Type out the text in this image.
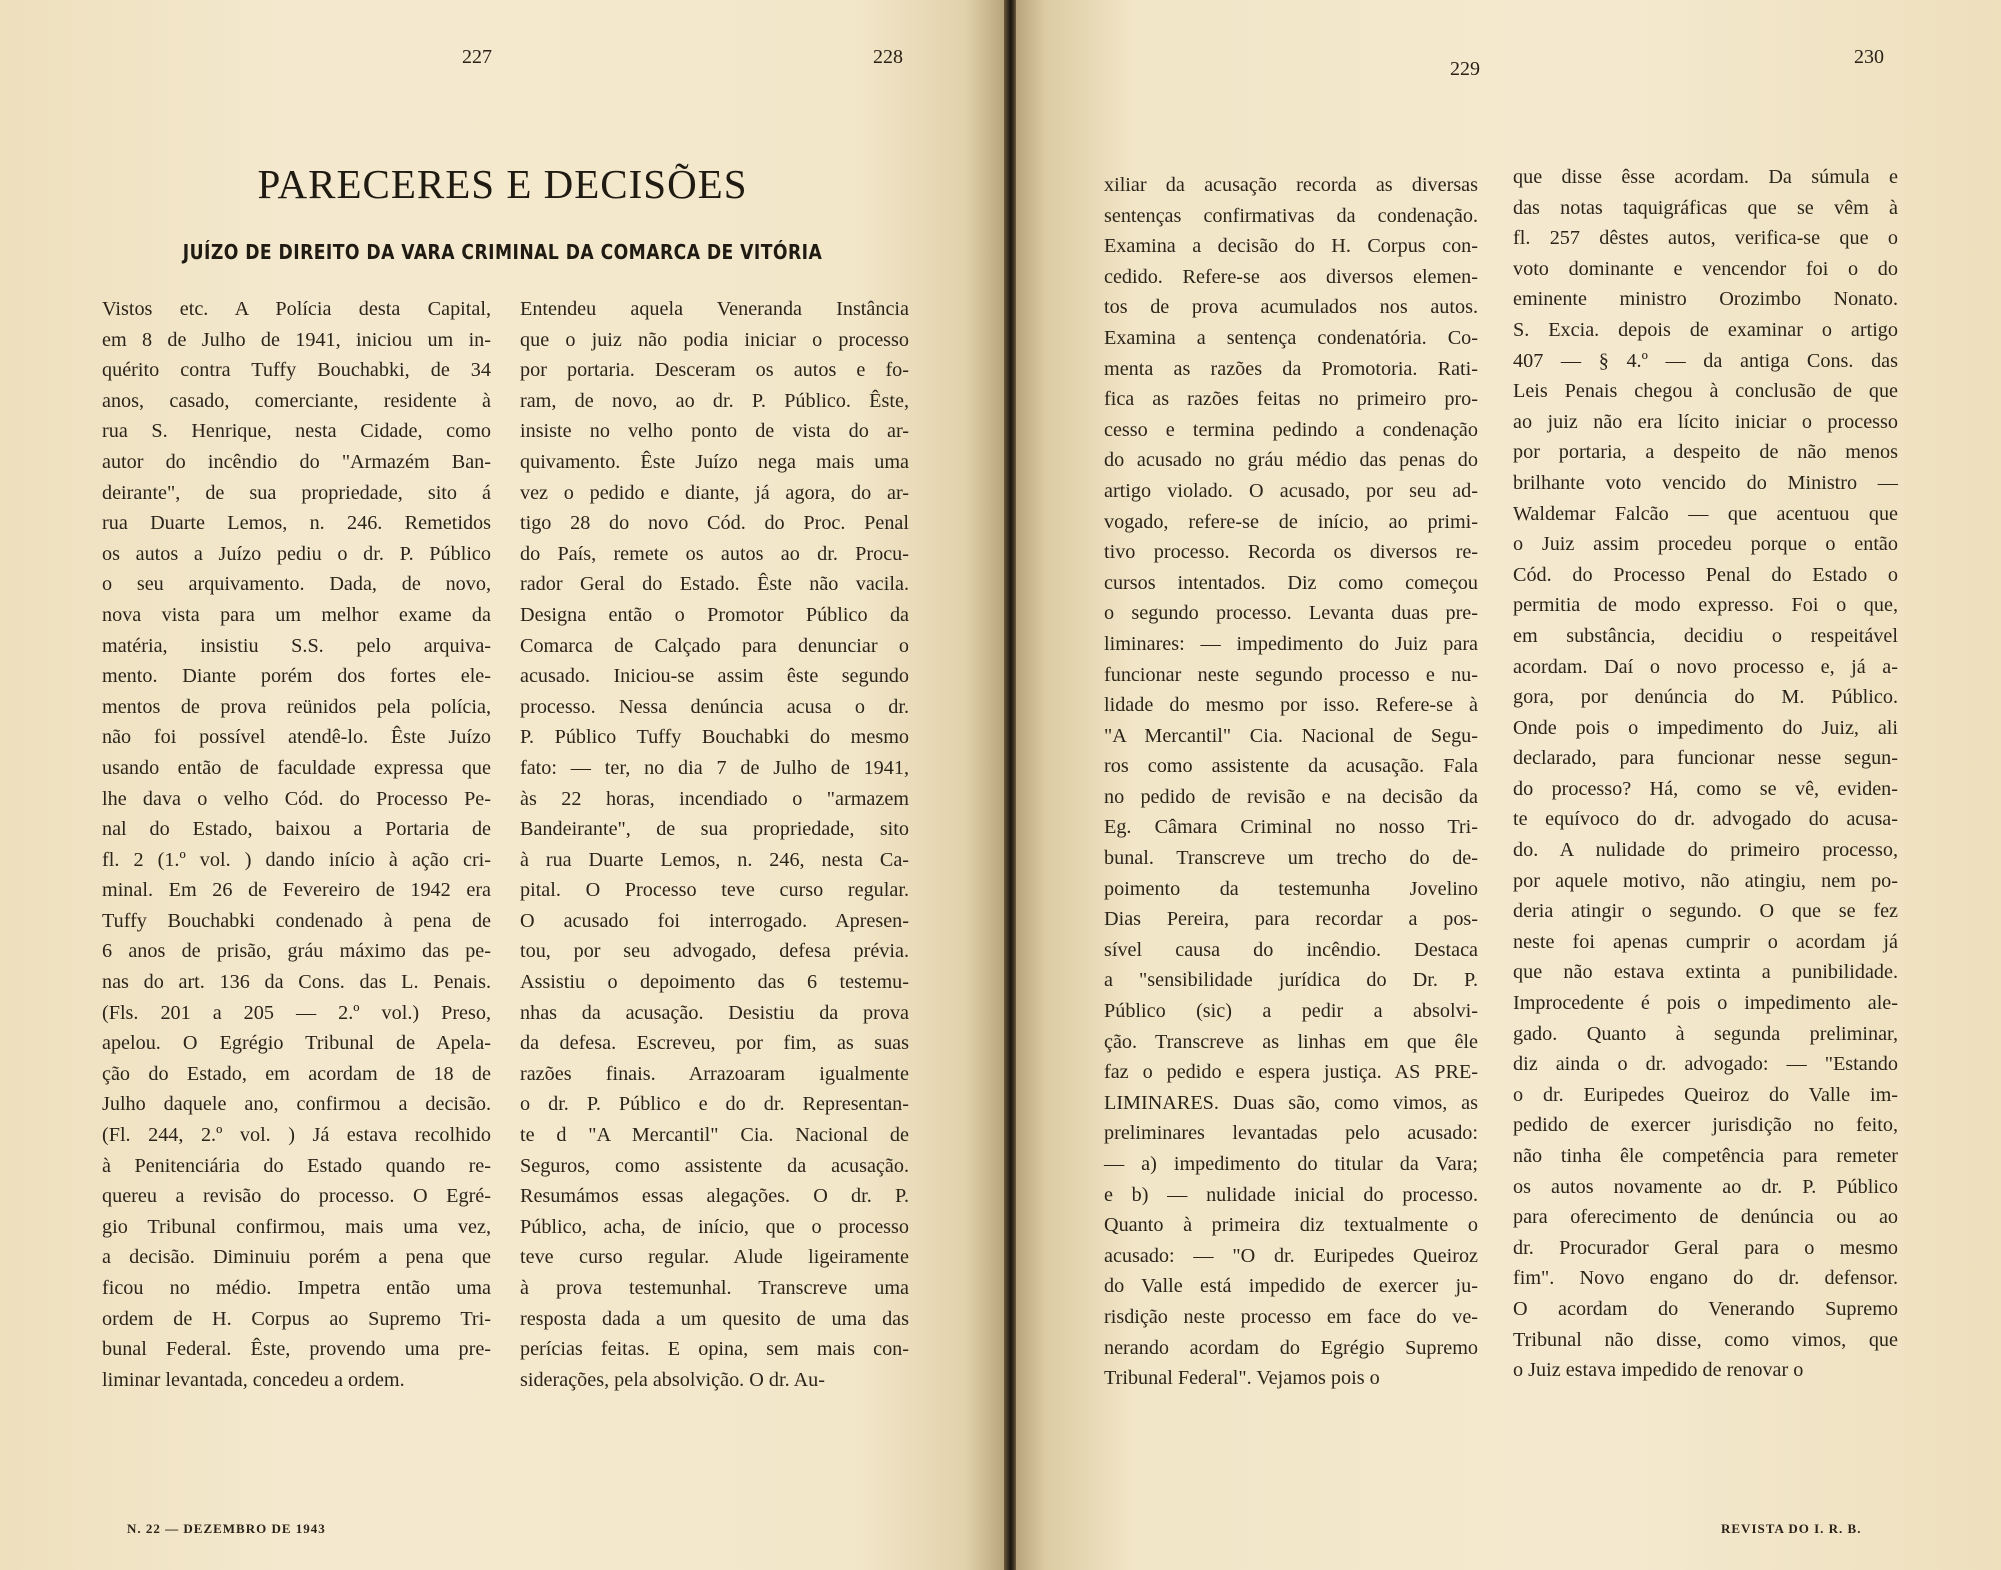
227	228
PARECERES E DECISÕES
JUÍZO DE DIREITO DA VARA CRIMINAL DA COMARCA DE VITÓRIA
Vistos etc. A Polícia desta Capital,
em 8 de Julho de 1941, iniciou um in-
quérito contra Tuffy Bouchabki, de 34
anos, casado, comerciante, residente à
rua S. Henrique, nesta Cidade, como
autor do incêndio do "Armazém Ban-
deirante", de sua propriedade, sito á
rua Duarte Lemos, n. 246. Remetidos
os autos a Juízo pediu o dr. P. Público
o seu arquivamento. Dada, de novo,
nova vista para um melhor exame da
matéria, insistiu S.S. pelo arquiva-
mento. Diante porém dos fortes ele-
mentos de prova reünidos pela polícia,
não foi possível atendê-lo. Êste Juízo
usando então de faculdade expressa que
lhe dava o velho Cód. do Processo Pe-
nal do Estado, baixou a Portaria de
fl. 2 (1.º vol. ) dando início à ação cri-
minal. Em 26 de Fevereiro de 1942 era
Tuffy Bouchabki condenado à pena de
6 anos de prisão, gráu máximo das pe-
nas do art. 136 da Cons. das L. Penais.
(Fls. 201 a 205 — 2.º vol.) Preso,
apelou. O Egrégio Tribunal de Apela-
ção do Estado, em acordam de 18 de
Julho daquele ano, confirmou a decisão.
(Fl. 244, 2.º vol. ) Já estava recolhido
à Penitenciária do Estado quando re-
quereu a revisão do processo. O Egré-
gio Tribunal confirmou, mais uma vez,
a decisão. Diminuiu porém a pena que
ficou no médio. Impetra então uma
ordem de H. Corpus ao Supremo Tri-
bunal Federal. Êste, provendo uma pre-
liminar levantada, concedeu a ordem.
Entendeu aquela Veneranda Instância
que o juiz não podia iniciar o processo
por portaria. Desceram os autos e fo-
ram, de novo, ao dr. P. Público. Êste,
insiste no velho ponto de vista do ar-
quivamento. Êste Juízo nega mais uma
vez o pedido e diante, já agora, do ar-
tigo 28 do novo Cód. do Proc. Penal
do País, remete os autos ao dr. Procu-
rador Geral do Estado. Êste não vacila.
Designa então o Promotor Público da
Comarca de Calçado para denunciar o
acusado. Iniciou-se assim êste segundo
processo. Nessa denúncia acusa o dr.
P. Público Tuffy Bouchabki do mesmo
fato: — ter, no dia 7 de Julho de 1941,
às 22 horas, incendiado o "armazem
Bandeirante", de sua propriedade, sito
à rua Duarte Lemos, n. 246, nesta Ca-
pital. O Processo teve curso regular.
O acusado foi interrogado. Apresen-
tou, por seu advogado, defesa prévia.
Assistiu o depoimento das 6 testemu-
nhas da acusação. Desistiu da prova
da defesa. Escreveu, por fim, as suas
razões finais. Arrazoaram igualmente
o dr. P. Público e do dr. Representan-
te d "A Mercantil" Cia. Nacional de
Seguros, como assistente da acusação.
Resumámos essas alegações. O dr. P.
Público, acha, de início, que o processo
teve curso regular. Alude ligeiramente
à prova testemunhal. Transcreve uma
resposta dada a um quesito de uma das
perícias feitas. E opina, sem mais con-
siderações, pela absolvição. O dr. Au-
N. 22 — DEZEMBRO DE 1943
229
230
xiliar da acusação recorda as diversas
sentenças confirmativas da condenação.
Examina a decisão do H. Corpus con-
cedido. Refere-se aos diversos elemen-
tos de prova acumulados nos autos.
Examina a sentença condenatória. Co-
menta as razões da Promotoria. Rati-
fica as razões feitas no primeiro pro-
cesso e termina pedindo a condenação
do acusado no gráu médio das penas do
artigo violado. O acusado, por seu ad-
vogado, refere-se de início, ao primi-
tivo processo. Recorda os diversos re-
cursos intentados. Diz como começou
o segundo processo. Levanta duas pre-
liminares: — impedimento do Juiz para
funcionar neste segundo processo e nu-
lidade do mesmo por isso. Refere-se à
"A Mercantil" Cia. Nacional de Segu-
ros como assistente da acusação. Fala
no pedido de revisão e na decisão da
Eg. Câmara Criminal no nosso Tri-
bunal. Transcreve um trecho do de-
poimento da testemunha Jovelino
Dias Pereira, para recordar a pos-
sível causa do incêndio. Destaca
a "sensibilidade jurídica do Dr. P.
Público (sic) a pedir a absolvi-
ção. Transcreve as linhas em que êle
faz o pedido e espera justiça. AS PRE-
LIMINARES. Duas são, como vimos, as
preliminares levantadas pelo acusado:
— a) impedimento do titular da Vara;
e b) — nulidade inicial do processo.
Quanto à primeira diz textualmente o
acusado: — "O dr. Euripedes Queiroz
do Valle está impedido de exercer ju-
risdição neste processo em face do ve-
nerando acordam do Egrégio Supremo
Tribunal Federal". Vejamos pois o
que disse êsse acordam. Da súmula e
das notas taquigráficas que se vêm à
fl. 257 dêstes autos, verifica-se que o
voto dominante e vencendor foi o do
eminente ministro Orozimbo Nonato.
S. Excia. depois de examinar o artigo
407 — § 4.º — da antiga Cons. das
Leis Penais chegou à conclusão de que
ao juiz não era lícito iniciar o processo
por portaria, a despeito de não menos
brilhante voto vencido do Ministro —
Waldemar Falcão — que acentuou que
o Juiz assim procedeu porque o então
Cód. do Processo Penal do Estado o
permitia de modo expresso. Foi o que,
em substância, decidiu o respeitável
acordam. Daí o novo processo e, já a-
gora, por denúncia do M. Público.
Onde pois o impedimento do Juiz, ali
declarado, para funcionar nesse segun-
do processo? Há, como se vê, eviden-
te equívoco do dr. advogado do acusa-
do. A nulidade do primeiro processo,
por aquele motivo, não atingiu, nem po-
deria atingir o segundo. O que se fez
neste foi apenas cumprir o acordam já
que não estava extinta a punibilidade.
Improcedente é pois o impedimento ale-
gado. Quanto à segunda preliminar,
diz ainda o dr. advogado: — "Estando
o dr. Euripedes Queiroz do Valle im-
pedido de exercer jurisdição no feito,
não tinha êle competência para remeter
os autos novamente ao dr. P. Público
para oferecimento de denúncia ou ao
dr. Procurador Geral para o mesmo
fim". Novo engano do dr. defensor.
O acordam do Venerando Supremo
Tribunal não disse, como vimos, que
o Juiz estava impedido de renovar o
REVISTA DO I. R. B.
